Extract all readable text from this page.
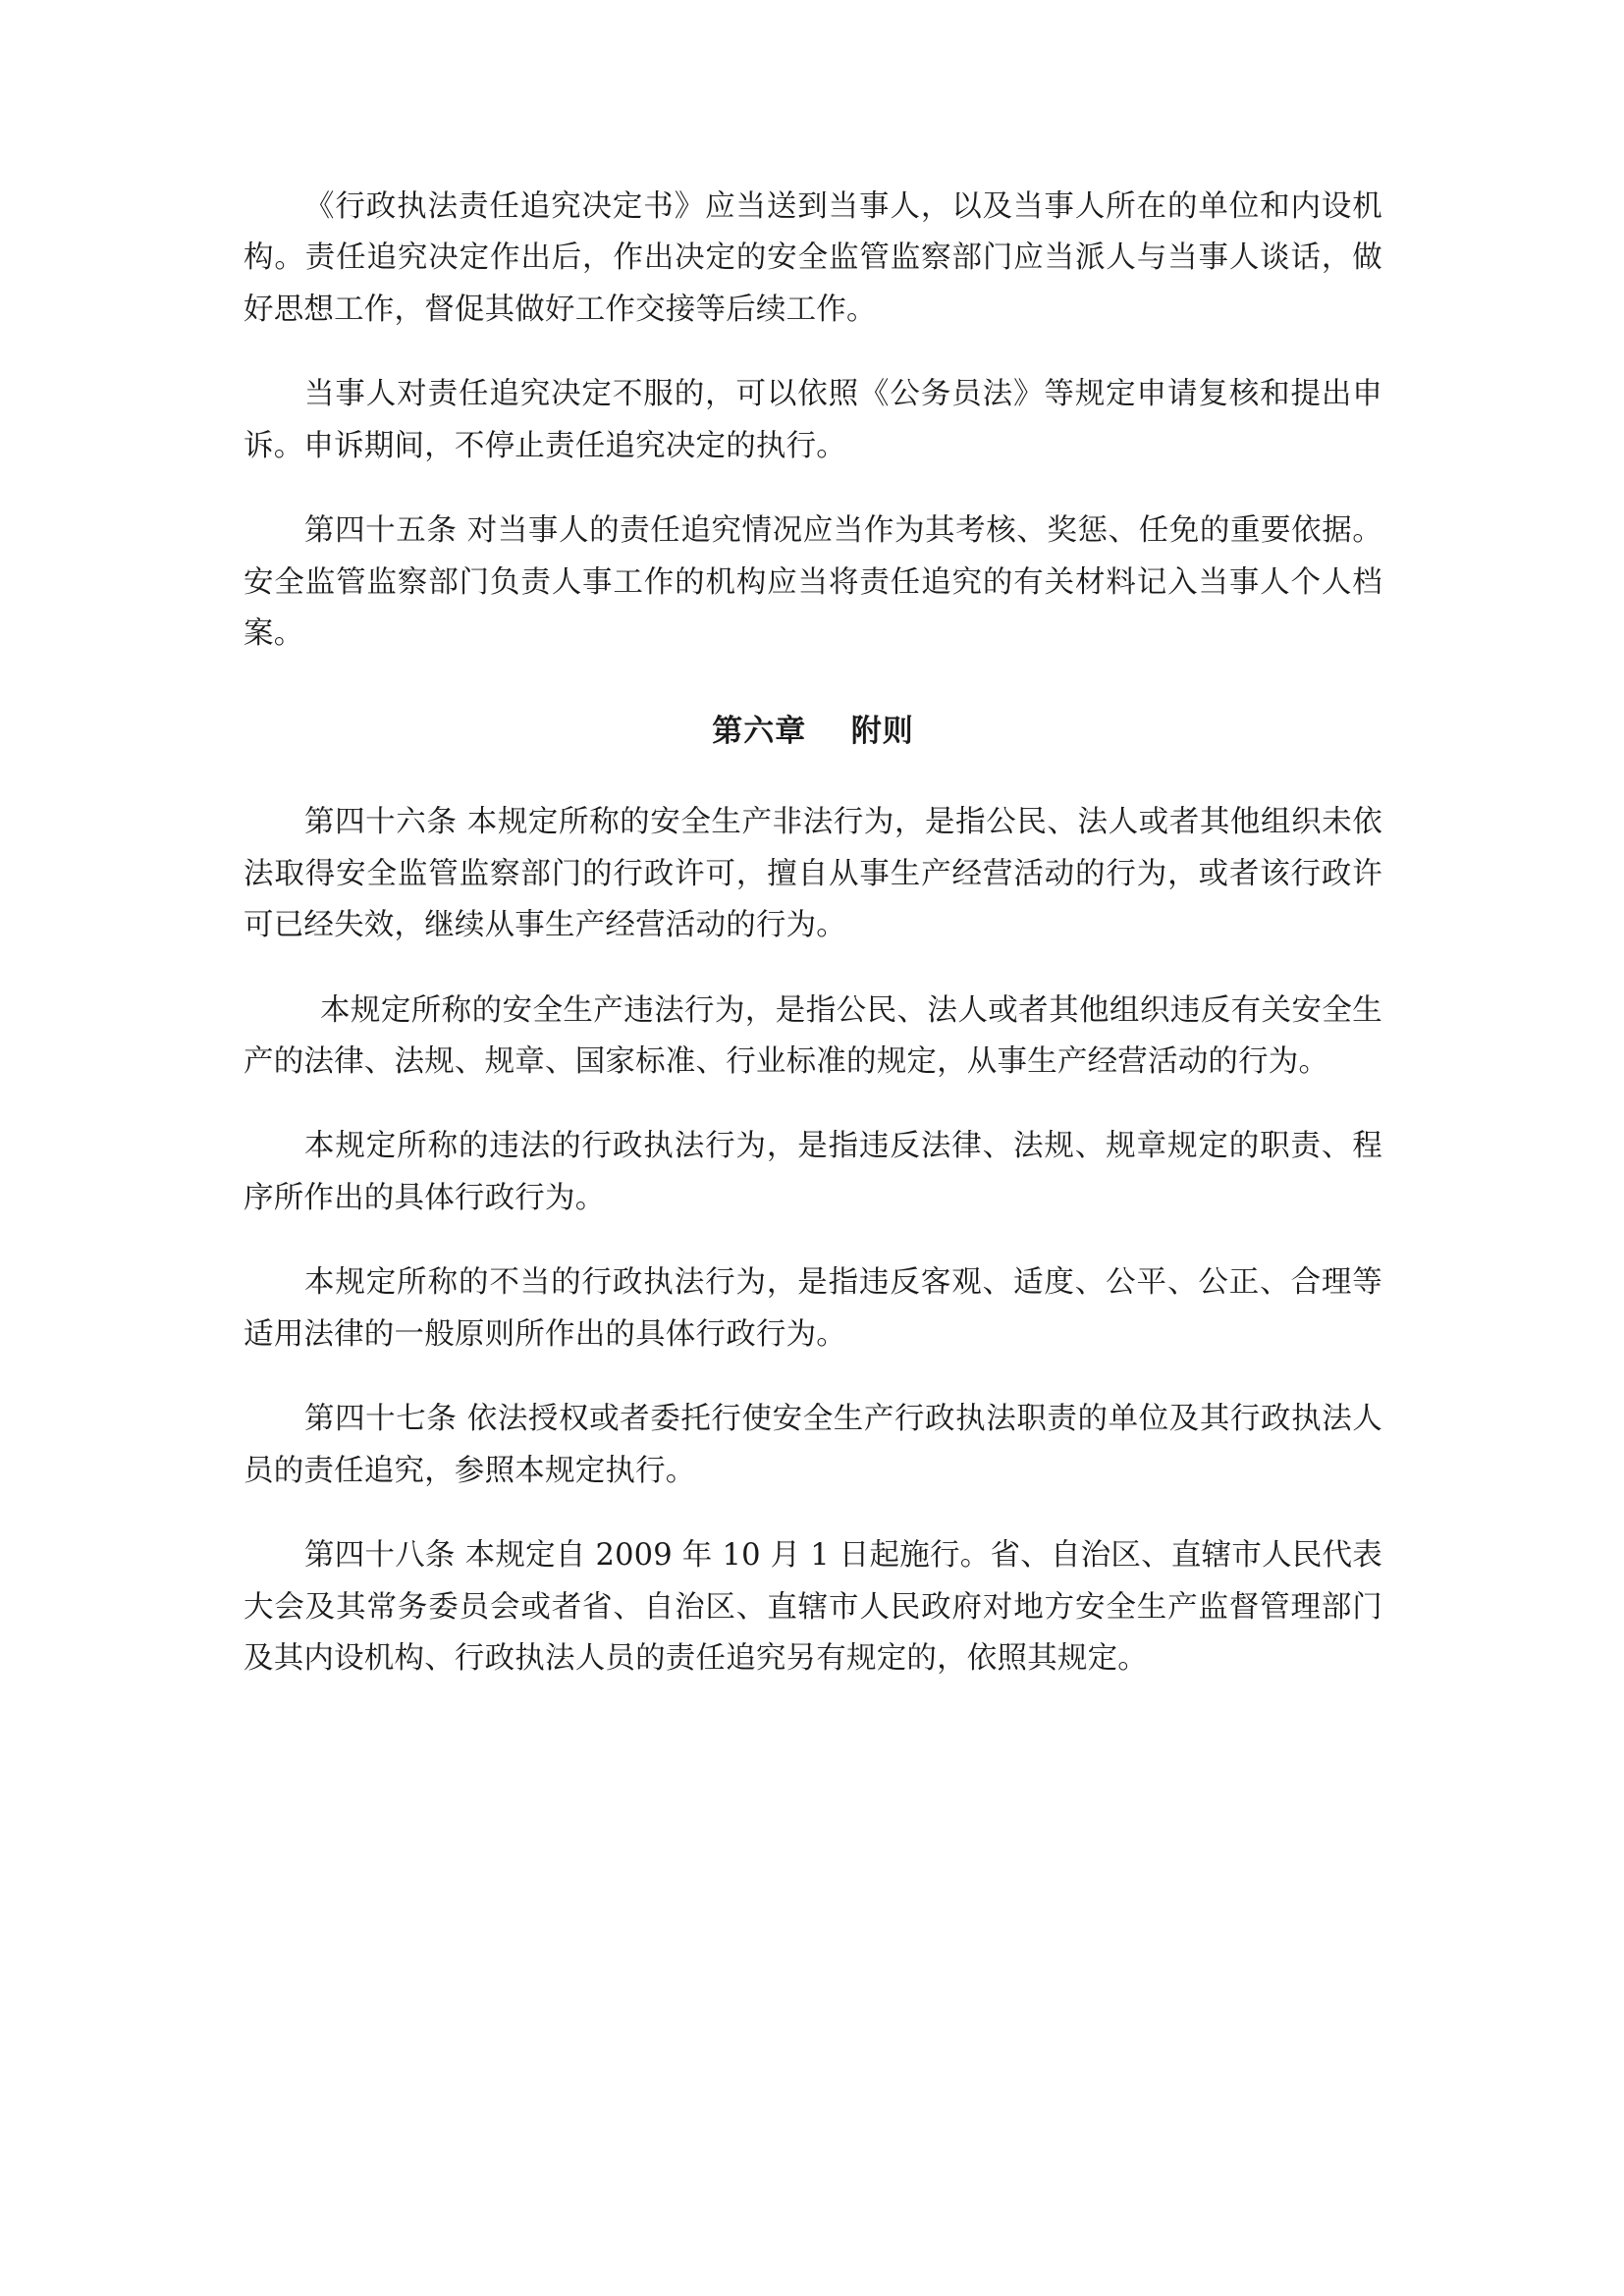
《行政执法责任追究决定书》应当送到当事人，以及当事人所在的单位和内设机构。责任追究决定作出后，作出决定的安全监管监察部门应当派人与当事人谈话，做好思想工作，督促其做好工作交接等后续工作。

当事人对责任追究决定不服的，可以依照《公务员法》等规定申请复核和提出申诉。申诉期间，不停止责任追究决定的执行。

第四十五条 对当事人的责任追究情况应当作为其考核、奖惩、任免的重要依据。安全监管监察部门负责人事工作的机构应当将责任追究的有关材料记入当事人个人档案。

第六章 附则

第四十六条 本规定所称的安全生产非法行为，是指公民、法人或者其他组织未依法取得安全监管监察部门的行政许可，擅自从事生产经营活动的行为，或者该行政许可已经失效，继续从事生产经营活动的行为。

本规定所称的安全生产违法行为，是指公民、法人或者其他组织违反有关安全生产的法律、法规、规章、国家标准、行业标准的规定，从事生产经营活动的行为。

本规定所称的违法的行政执法行为，是指违反法律、法规、规章规定的职责、程序所作出的具体行政行为。

本规定所称的不当的行政执法行为，是指违反客观、适度、公平、公正、合理等适用法律的一般原则所作出的具体行政行为。

第四十七条 依法授权或者委托行使安全生产行政执法职责的单位及其行政执法人员的责任追究，参照本规定执行。

第四十八条 本规定自 2009 年 10 月 1 日起施行。省、自治区、直辖市人民代表大会及其常务委员会或者省、自治区、直辖市人民政府对地方安全生产监督管理部门及其内设机构、行政执法人员的责任追究另有规定的，依照其规定。
